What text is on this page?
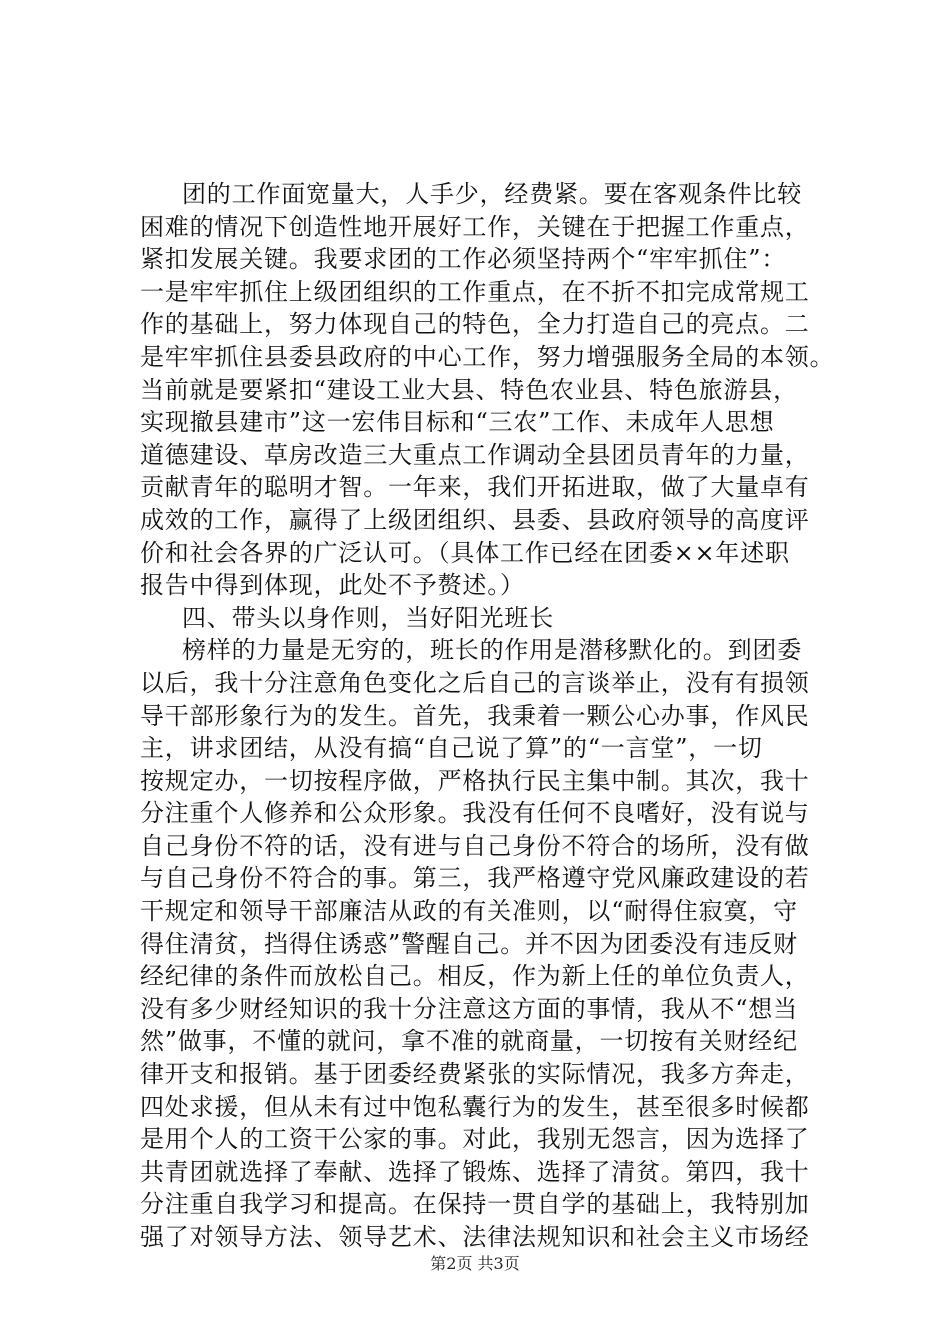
团的工作面宽量大，人手少，经费紧。要在客观条件比较
困难的情况下创造性地开展好工作，关键在于把握工作重点，
紧扣发展关键。我要求团的工作必须坚持两个“牢牢抓住”：
一是牢牢抓住上级团组织的工作重点，在不折不扣完成常规工
作的基础上，努力体现自己的特色，全力打造自己的亮点。二
是牢牢抓住县委县政府的中心工作，努力增强服务全局的本领。
当前就是要紧扣“建设工业大县、特色农业县、特色旅游县，
实现撤县建市”这一宏伟目标和“三农”工作、未成年人思想
道德建设、草房改造三大重点工作调动全县团员青年的力量，
贡献青年的聪明才智。一年来，我们开拓进取，做了大量卓有
成效的工作，赢得了上级团组织、县委、县政府领导的高度评
价和社会各界的广泛认可。（具体工作已经在团委××年述职
报告中得到体现，此处不予赘述。）
四、带头以身作则，当好阳光班长
榜样的力量是无穷的，班长的作用是潜移默化的。到团委
以后，我十分注意角色变化之后自己的言谈举止，没有有损领
导干部形象行为的发生。首先，我秉着一颗公心办事，作风民
主，讲求团结，从没有搞“自己说了算”的“一言堂”，一切
按规定办，一切按程序做，严格执行民主集中制。其次，我十
分注重个人修养和公众形象。我没有任何不良嗜好，没有说与
自己身份不符的话，没有进与自己身份不符合的场所，没有做
与自己身份不符合的事。第三，我严格遵守党风廉政建设的若
干规定和领导干部廉洁从政的有关准则，以“耐得住寂寞，守
得住清贫，挡得住诱惑”警醒自己。并不因为团委没有违反财
经纪律的条件而放松自己。相反，作为新上任的单位负责人，
没有多少财经知识的我十分注意这方面的事情，我从不“想当
然”做事，不懂的就问，拿不准的就商量，一切按有关财经纪
律开支和报销。基于团委经费紧张的实际情况，我多方奔走，
四处求援，但从未有过中饱私囊行为的发生，甚至很多时候都
是用个人的工资干公家的事。对此，我别无怨言，因为选择了
共青团就选择了奉献、选择了锻炼、选择了清贫。第四，我十
分注重自我学习和提高。在保持一贯自学的基础上，我特别加
强了对领导方法、领导艺术、法律法规知识和社会主义市场经
第2页 共3页
